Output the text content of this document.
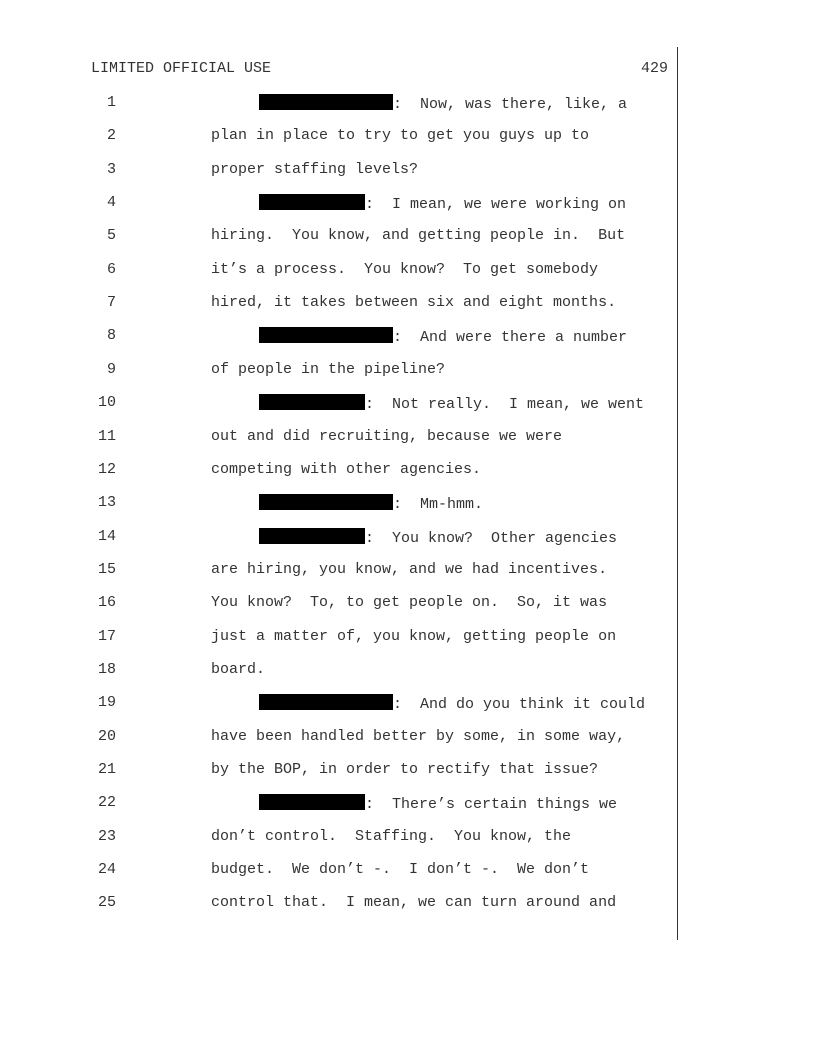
LIMITED OFFICIAL USE	429
1	:  Now, was there, like, a
2	plan in place to try to get you guys up to
3	proper staffing levels?
4	:  I mean, we were working on
5	hiring.  You know, and getting people in.  But
6	it’s a process.  You know?  To get somebody
7	hired, it takes between six and eight months.
8	:  And were there a number
9	of people in the pipeline?
10	:  Not really.  I mean, we went
11	out and did recruiting, because we were
12	competing with other agencies.
13	:  Mm-hmm.
14	:  You know?  Other agencies
15	are hiring, you know, and we had incentives.
16	You know?  To, to get people on.  So, it was
17	just a matter of, you know, getting people on
18	board.
19	:  And do you think it could
20	have been handled better by some, in some way,
21	by the BOP, in order to rectify that issue?
22	:  There’s certain things we
23	don’t control.  Staffing.  You know, the
24	budget.  We don’t -.  I don’t -.  We don’t
25	control that.  I mean, we can turn around and
